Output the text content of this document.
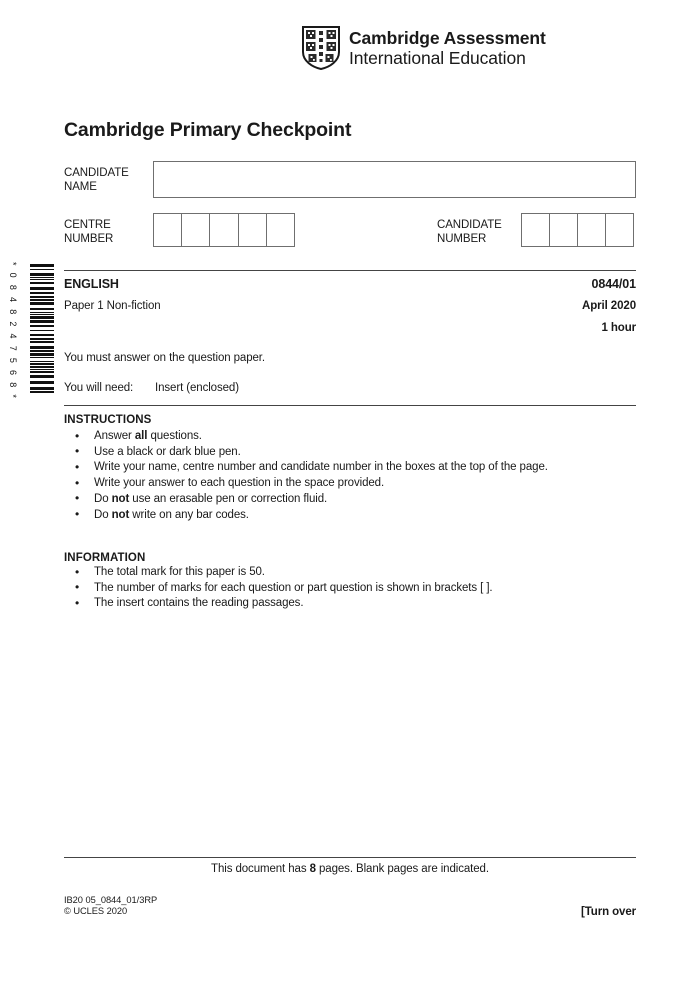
Cambridge Assessment
International Education
Cambridge Primary Checkpoint
CANDIDATE
NAME
CENTRE
NUMBER
CANDIDATE
NUMBER
*
0
8
4
8
2
4
7
5
6
8
*
ENGLISH	0844/01
Paper 1 Non-fiction	April 2020
1 hour
You must answer on the question paper.
You will need:	Insert (enclosed)
INSTRUCTIONS
• Answer all questions.
• Use a black or dark blue pen.
• Write your name, centre number and candidate number in the boxes at the top of the page.
• Write your answer to each question in the space provided.
• Do not use an erasable pen or correction fluid.
• Do not write on any bar codes.
INFORMATION
• The total mark for this paper is 50.
• The number of marks for each question or part question is shown in brackets [ ].
• The insert contains the reading passages.
This document has 8 pages. Blank pages are indicated.
IB20 05_0844_01/3RP
© UCLES 2020	[Turn over
